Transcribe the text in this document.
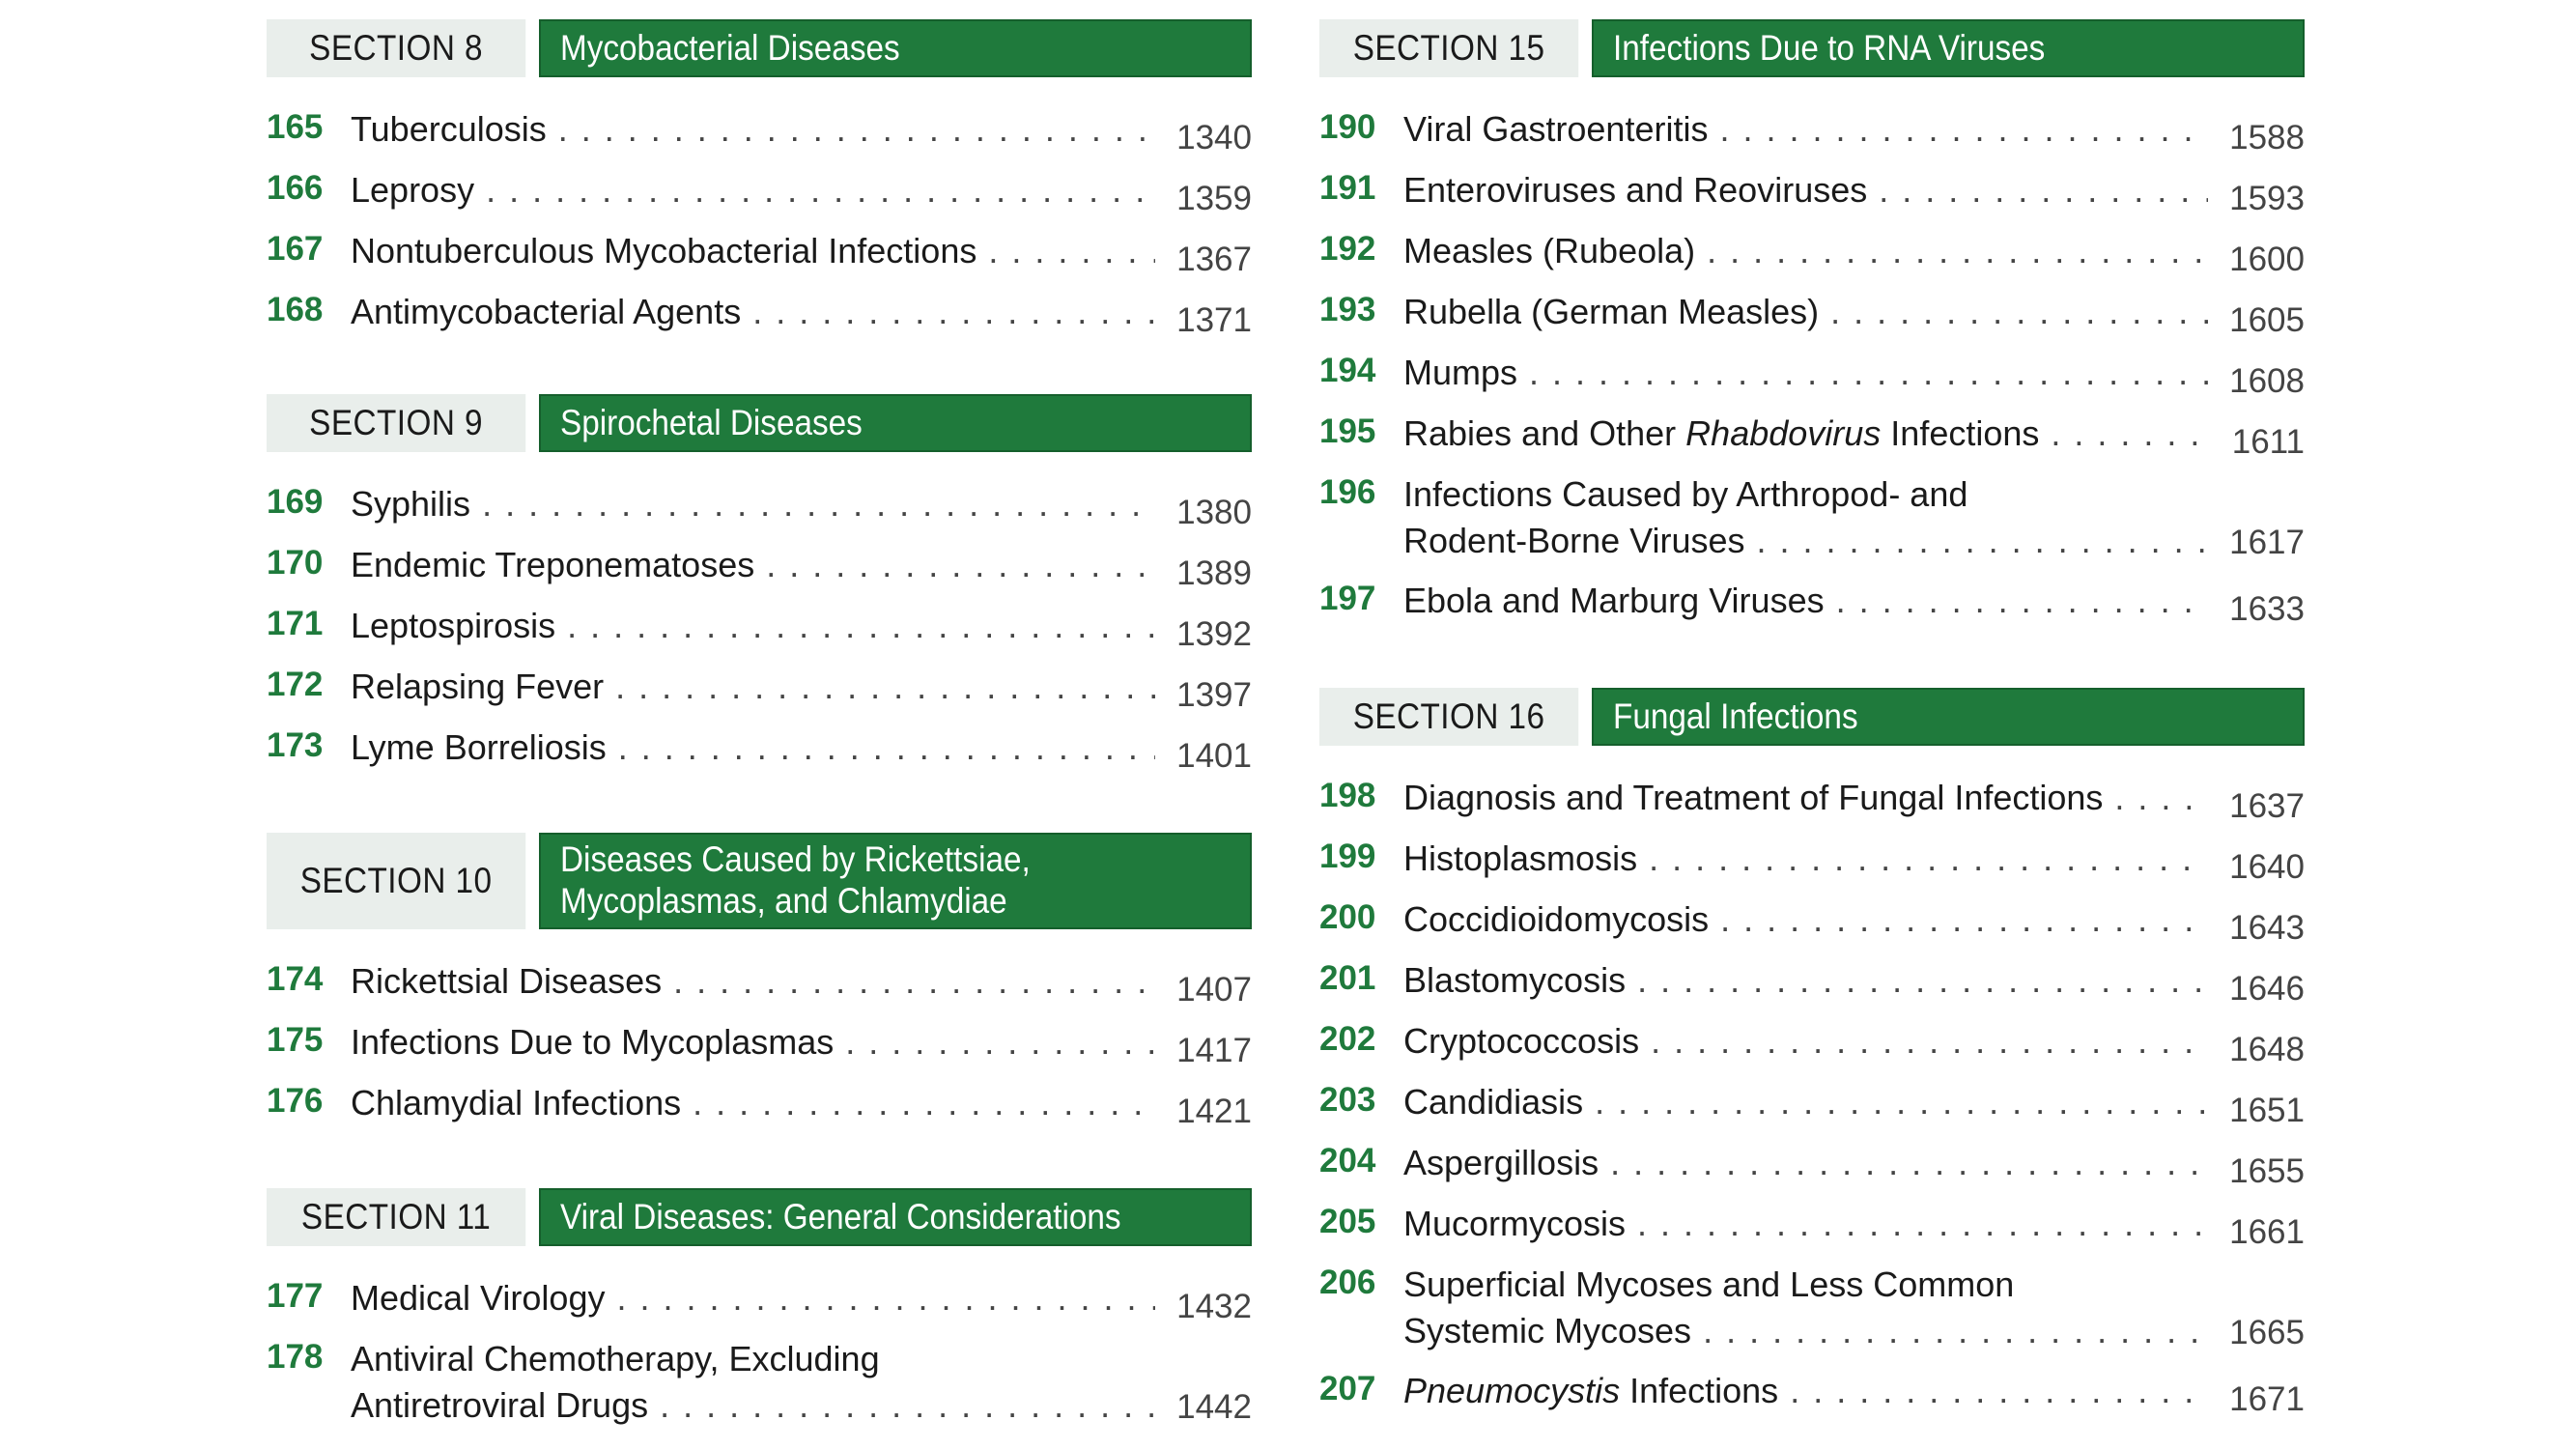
SECTION 8	Mycobacterial Diseases
165 Tuberculosis . . .	1340
166 Leprosy . . .	1359
167 Nontuberculous Mycobacterial Infections . . .	1367
168 Antimycobacterial Agents . . .	1371
SECTION 9	Spirochetal Diseases
169 Syphilis . . .	1380
170 Endemic Treponematoses . . .	1389
171 Leptospirosis . . .	1392
172 Relapsing Fever . . .	1397
173 Lyme Borreliosis . . .	1401
SECTION 10
Diseases Caused by Rickettsiae,
Mycoplasmas, and Chlamydiae
174 Rickettsial Diseases . . .	1407
175 Infections Due to Mycoplasmas . . .	1417
176 Chlamydial Infections . . .	1421
SECTION 11	Viral Diseases: General Considerations
177 Medical Virology . . .	1432
178 Antiviral Chemotherapy, Excluding
Antiretroviral Drugs . . .	1442
SECTION 15	Infections Due to RNA Viruses
190 Viral Gastroenteritis . . .	1588
191 Enteroviruses and Reoviruses . . .	1593
192 Measles (Rubeola) . . .	1600
193 Rubella (German Measles) . . .	1605
194 Mumps . . .	1608
195 Rabies and Other Rhabdovirus Infections . . .	1611
196 Infections Caused by Arthropod- and
Rodent-Borne Viruses . . .	1617
197 Ebola and Marburg Viruses . . .	1633
SECTION 16	Fungal Infections
198 Diagnosis and Treatment of Fungal Infections . . .	1637
199 Histoplasmosis . . .	1640
200 Coccidioidomycosis . . .	1643
201 Blastomycosis . . .	1646
202 Cryptococcosis . . .	1648
203 Candidiasis . . .	1651
204 Aspergillosis . . .	1655
205 Mucormycosis . . .	1661
206 Superficial Mycoses and Less Common
Systemic Mycoses . . .	1665
207 Pneumocystis Infections . . .	1671
